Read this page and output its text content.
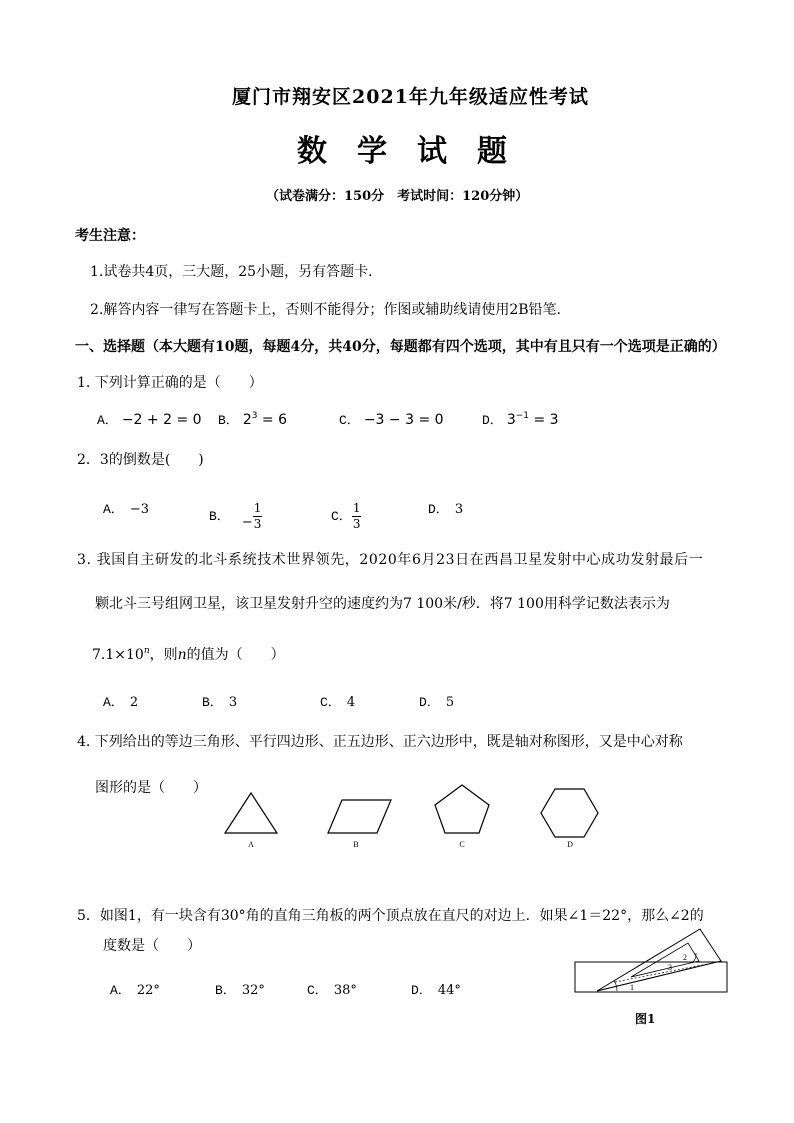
厦门市翔安区2021年九年级适应性考试
数　学　试　题
（试卷满分：150分　考试时间：120分钟）
考生注意：
1.试卷共4页，三大题，25小题，另有答题卡．
2.解答内容一律写在答题卡上，否则不能得分；作图或辅助线请使用2B铅笔.
一、选择题（本大题有10题，每题4分，共40分，每题都有四个选项，其中有且只有一个选项是正确的）
1. 下列计算正确的是（　　）
A． −2 + 2 = 0 B． $2^3 = 6$	C． −3 − 3 = 0	D． $3^{-1} = 3$
2．3的倒数是(　　)
A． −3	B． − $\frac{1}{3}$	C． $\frac{1}{3}$	D． 3
3. 我国自主研发的北斗系统技术世界领先，2020年6月23日在西昌卫星发射中心成功发射最后一
颗北斗三号组网卫星，该卫星发射升空的速度约为7 100米/秒．将7 100用科学记数法表示为
$7.1\times 10^n$，则n的值为（　　）
A． 2	B． 3	C． 4	D． 5
4. 下列给出的等边三角形、平行四边形、正五边形、正六边形中，既是轴对称图形，又是中心对称
图形的是（　　）
A	B	C	D
5．如图1，有一块含有30°角的直角三角板的两个顶点放在直尺的对边上．如果∠1＝22°，那么∠2的
度数是（　　）
A． 22°	B． 32°	C． 38°	D． 44°	1
2
3
图1
